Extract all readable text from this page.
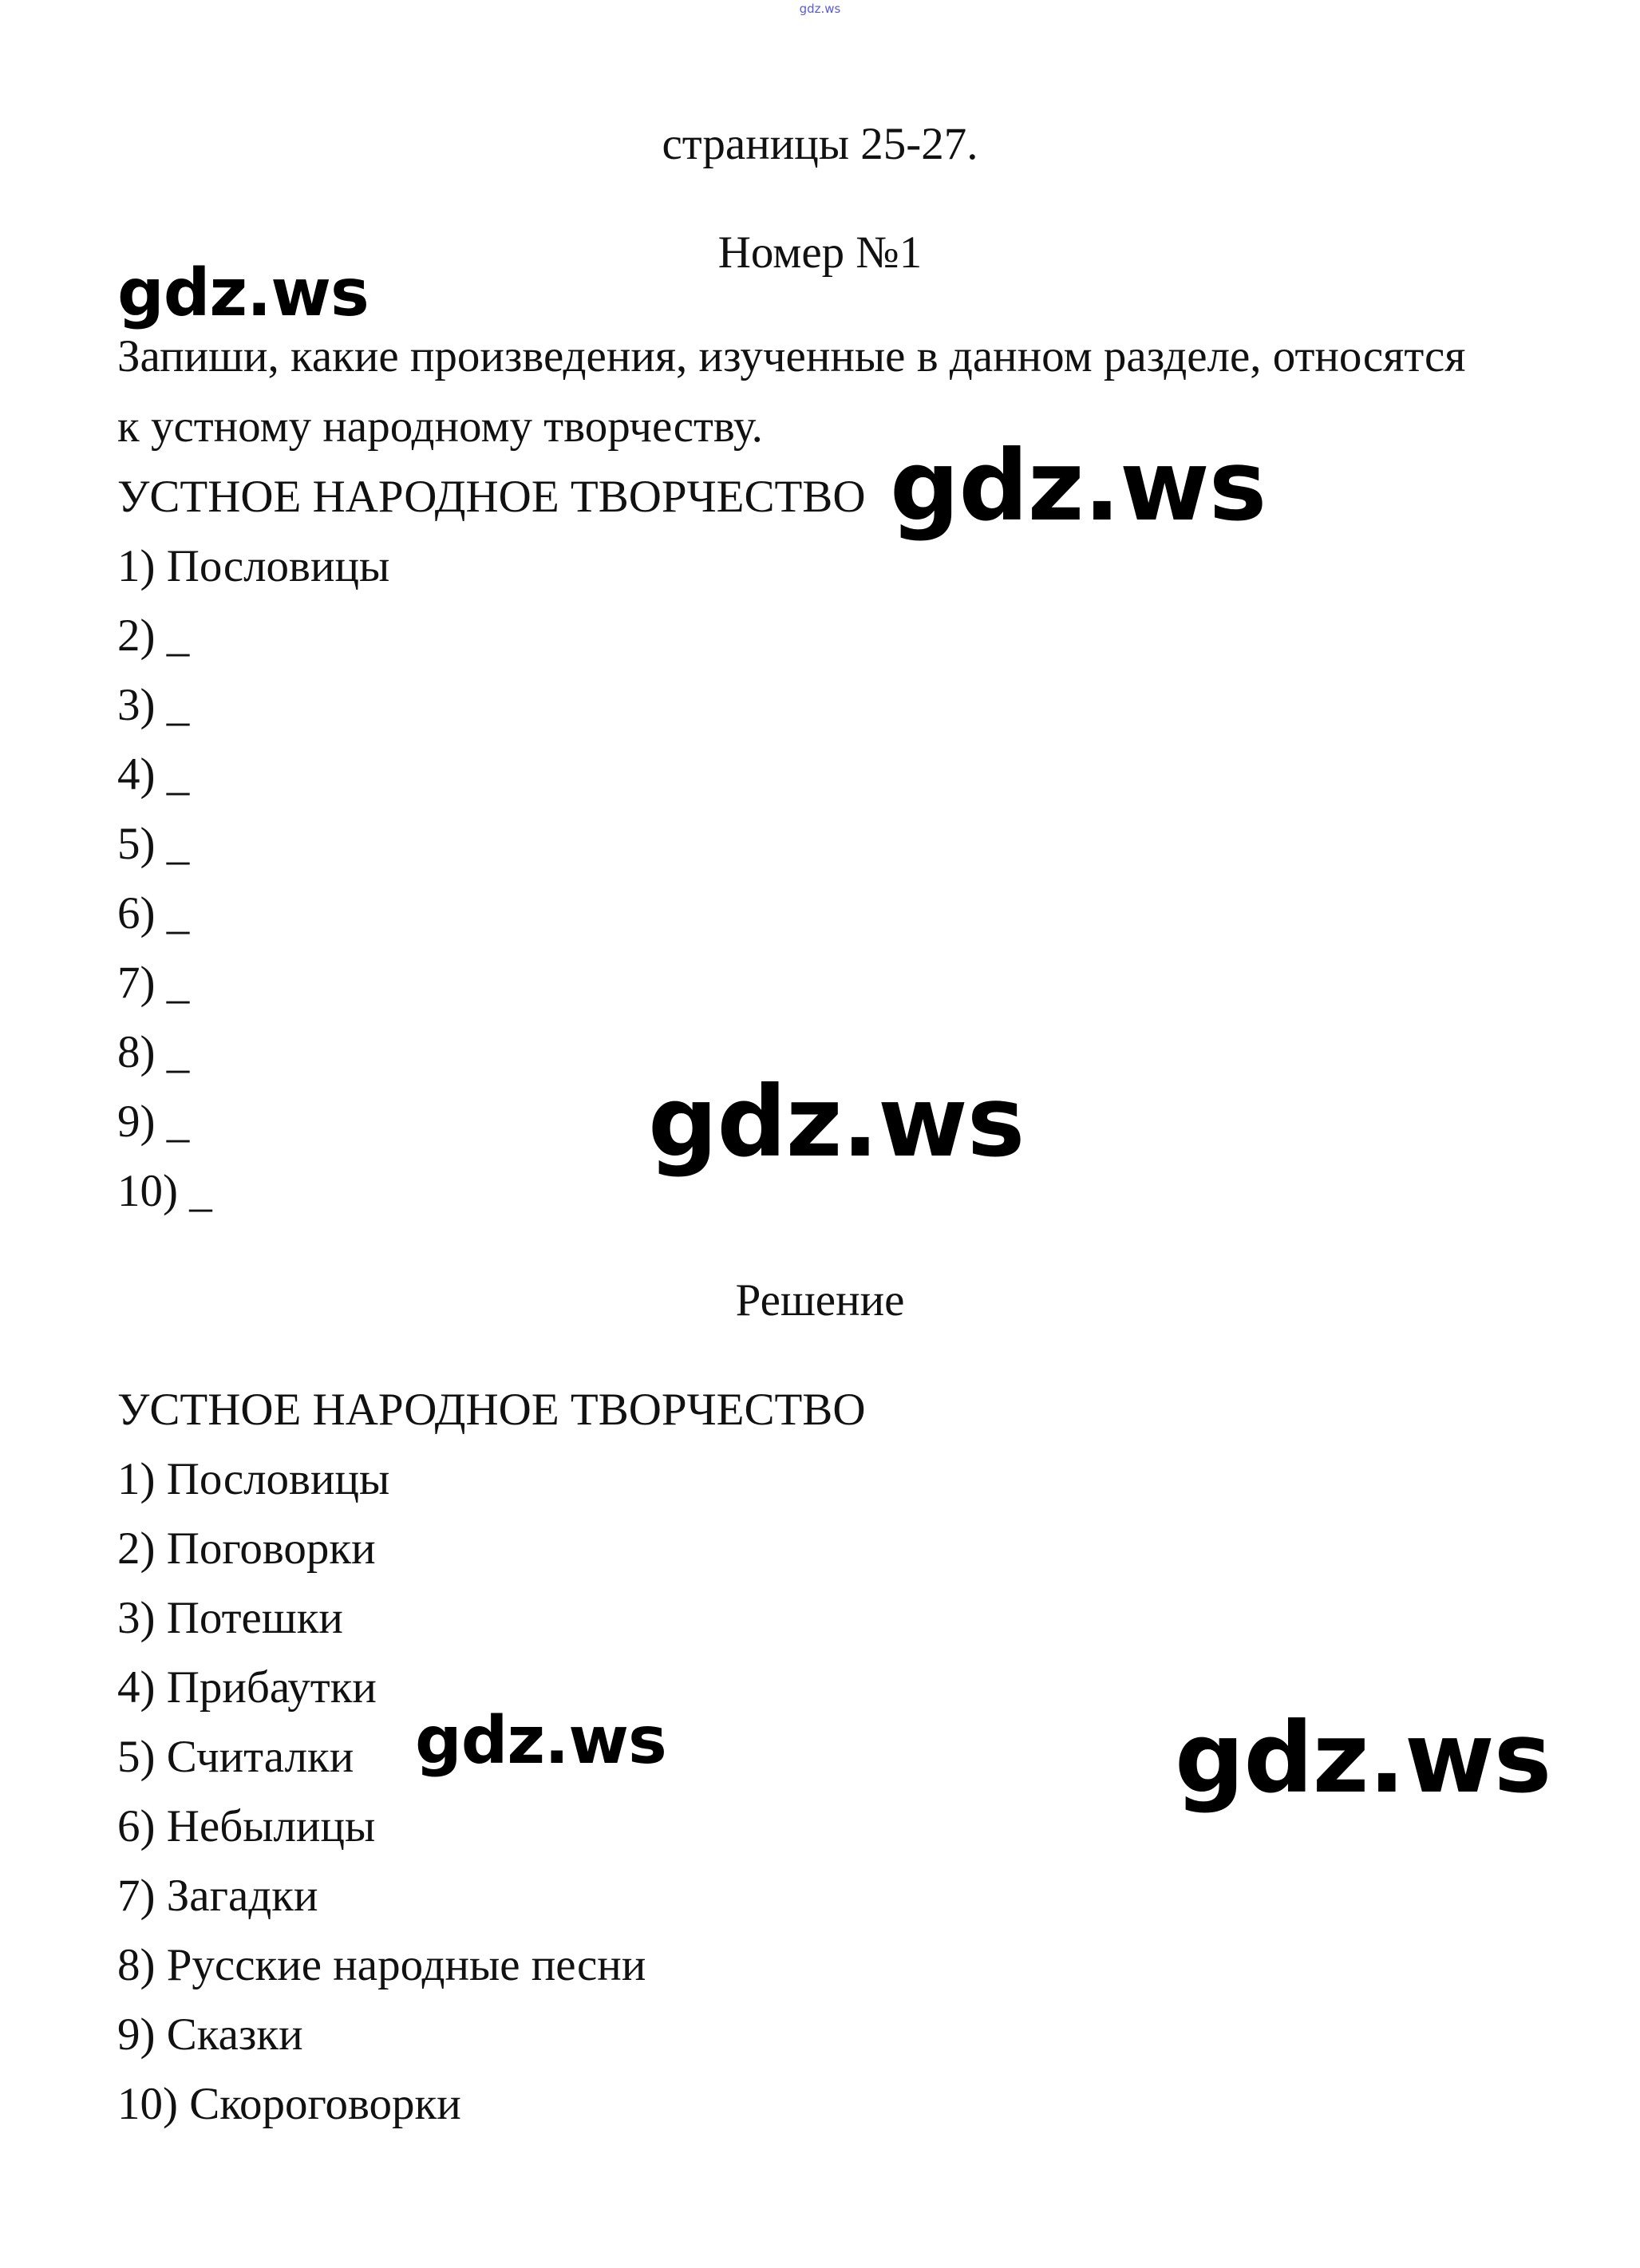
gdz.ws
страницы 25-27.
Номер №1
Запиши, какие произведения, изученные в данном разделе, относятся
к устному народному творчеству.
УСТНОЕ НАРОДНОЕ ТВОРЧЕСТВО
1) Пословицы
2) _
3) _
4) _
5) _
6) _
7) _
8) _
9) _
10) _
Решение
УСТНОЕ НАРОДНОЕ ТВОРЧЕСТВО
1) Пословицы
2) Поговорки
3) Потешки
4) Прибаутки
5) Считалки
6) Небылицы
7) Загадки
8) Русские народные песни
9) Сказки
10) Скороговорки
gdz.ws
gdz.ws
gdz.ws
gdz.ws	gdz.ws
